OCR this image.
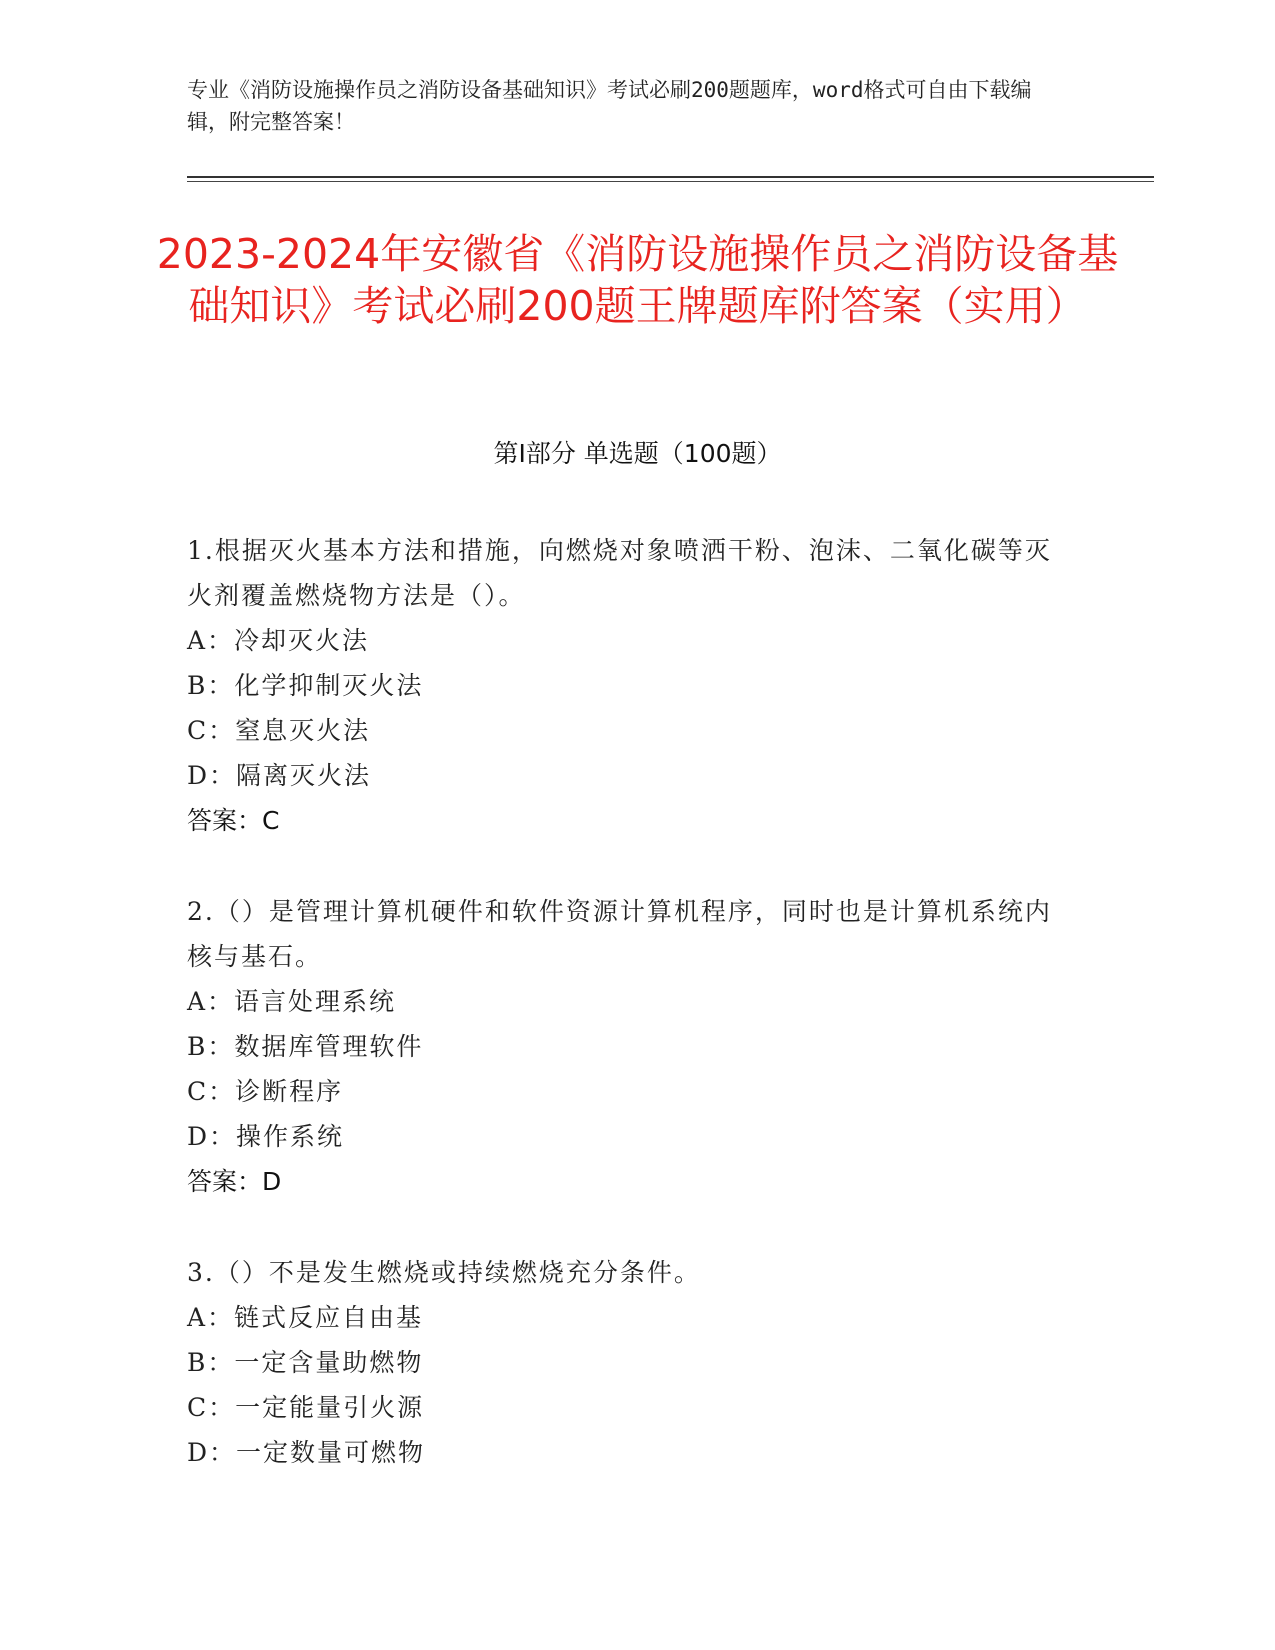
专业《消防设施操作员之消防设备基础知识》考试必刷200题题库，word格式可自由下载编辑，附完整答案！
2023-2024年安徽省《消防设施操作员之消防设备基础知识》考试必刷200题王牌题库附答案（实用）
第I部分 单选题（100题）
1.根据灭火基本方法和措施，向燃烧对象喷洒干粉、泡沫、二氧化碳等灭火剂覆盖燃烧物方法是（）。
A：冷却灭火法
B：化学抑制灭火法
C：窒息灭火法
D：隔离灭火法
答案：C
2.（）是管理计算机硬件和软件资源计算机程序，同时也是计算机系统内核与基石。
A：语言处理系统
B：数据库管理软件
C：诊断程序
D：操作系统
答案：D
3.（）不是发生燃烧或持续燃烧充分条件。
A：链式反应自由基
B：一定含量助燃物
C：一定能量引火源
D：一定数量可燃物
